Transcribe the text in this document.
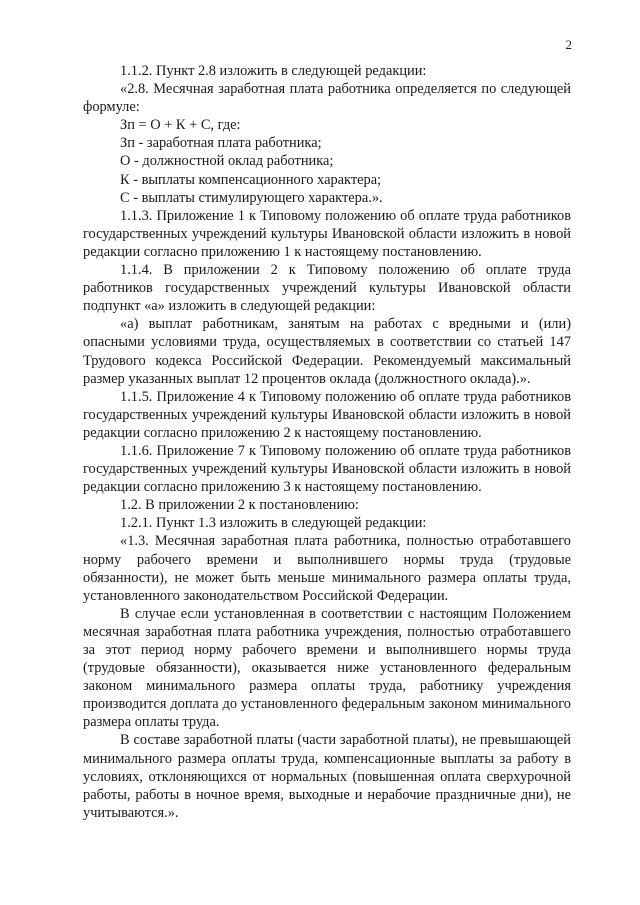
2

1.1.2. Пункт 2.8 изложить в следующей редакции:

«2.8. Месячная заработная плата работника определяется по следующей формуле:

Зп = О + К + С, где:

Зп - заработная плата работника;

О - должностной оклад работника;

К - выплаты компенсационного характера;

С - выплаты стимулирующего характера.».

1.1.3. Приложение 1 к Типовому положению об оплате труда работников государственных учреждений культуры Ивановской области изложить в новой редакции согласно приложению 1 к настоящему постановлению.

1.1.4. В приложении 2 к Типовому положению об оплате труда работников государственных учреждений культуры Ивановской области подпункт «а» изложить в следующей редакции:

«а) выплат работникам, занятым на работах с вредными и (или) опасными условиями труда, осуществляемых в соответствии со статьей 147 Трудового кодекса Российской Федерации. Рекомендуемый максимальный размер указанных выплат 12 процентов оклада (должностного оклада).».

1.1.5. Приложение 4 к Типовому положению об оплате труда работников государственных учреждений культуры Ивановской области изложить в новой редакции согласно приложению 2 к настоящему постановлению.

1.1.6. Приложение 7 к Типовому положению об оплате труда работников государственных учреждений культуры Ивановской области изложить в новой редакции согласно приложению 3 к настоящему постановлению.

1.2. В приложении 2 к постановлению:

1.2.1. Пункт 1.3 изложить в следующей редакции:

«1.3. Месячная заработная плата работника, полностью отработавшего норму рабочего времени и выполнившего нормы труда (трудовые обязанности), не может быть меньше минимального размера оплаты труда, установленного законодательством Российской Федерации.

В случае если установленная в соответствии с настоящим Положением месячная заработная плата работника учреждения, полностью отработавшего за этот период норму рабочего времени и выполнившего нормы труда (трудовые обязанности), оказывается ниже установленного федеральным законом минимального размера оплаты труда, работнику учреждения производится доплата до установленного федеральным законом минимального размера оплаты труда.

В составе заработной платы (части заработной платы), не превышающей минимального размера оплаты труда, компенсационные выплаты за работу в условиях, отклоняющихся от нормальных (повышенная оплата сверхурочной работы, работы в ночное время, выходные и нерабочие праздничные дни), не учитываются.».
